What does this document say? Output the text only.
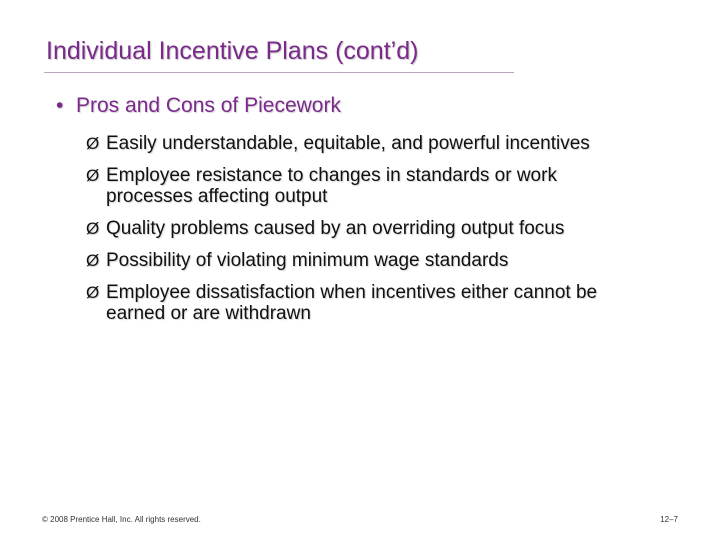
Individual Incentive Plans (cont’d)
• Pros and Cons of Piecework
Ø Easily understandable, equitable, and powerful incentives
Ø Employee resistance to changes in standards or work processes affecting output
Ø Quality problems caused by an overriding output focus
Ø Possibility of violating minimum wage standards
Ø Employee dissatisfaction when incentives either cannot be earned or are withdrawn
© 2008 Prentice Hall, Inc. All rights reserved.	12–7
